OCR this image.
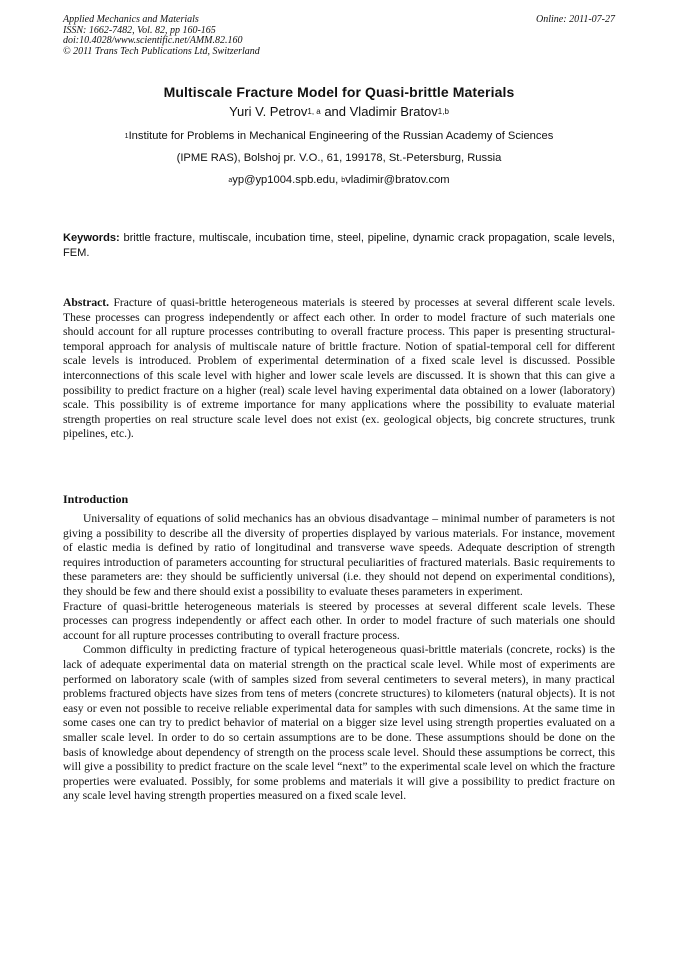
Applied Mechanics and Materials
ISSN: 1662-7482, Vol. 82, pp 160-165
doi:10.4028/www.scientific.net/AMM.82.160
© 2011 Trans Tech Publications Ltd, Switzerland
Online: 2011-07-27
Multiscale Fracture Model for Quasi-brittle Materials
Yuri V. Petrov$^{1, a}$ and Vladimir Bratov$^{1,b}$
$^1$Institute for Problems in Mechanical Engineering of the Russian Academy of Sciences
(IPME RAS), Bolshoj pr. V.O., 61, 199178, St.-Petersburg, Russia
$^a$yp@yp1004.spb.edu, $^b$vladimir@bratov.com
Keywords: brittle fracture, multiscale, incubation time, steel, pipeline, dynamic crack propagation, scale levels, FEM.
Abstract. Fracture of quasi-brittle heterogeneous materials is steered by processes at several different scale levels. These processes can progress independently or affect each other. In order to model fracture of such materials one should account for all rupture processes contributing to overall fracture process. This paper is presenting structural-temporal approach for analysis of multiscale nature of brittle fracture. Notion of spatial-temporal cell for different scale levels is introduced. Problem of experimental determination of a fixed scale level is discussed. Possible interconnections of this scale level with higher and lower scale levels are discussed. It is shown that this can give a possibility to predict fracture on a higher (real) scale level having experimental data obtained on a lower (laboratory) scale. This possibility is of extreme importance for many applications where the possibility to evaluate material strength properties on real structure scale level does not exist (ex. geological objects, big concrete structures, trunk pipelines, etc.).
Introduction

Universality of equations of solid mechanics has an obvious disadvantage – minimal number of parameters is not giving a possibility to describe all the diversity of properties displayed by various materials. For instance, movement of elastic media is defined by ratio of longitudinal and transverse wave speeds. Adequate description of strength requires introduction of parameters accounting for structural peculiarities of fractured materials. Basic requirements to these parameters are: they should be sufficiently universal (i.e. they should not depend on experimental conditions), they should be few and there should exist a possibility to evaluate theses parameters in experiment.

Fracture of quasi-brittle heterogeneous materials is steered by processes at several different scale levels. These processes can progress independently or affect each other. In order to model fracture of such materials one should account for all rupture processes contributing to overall fracture process.

Common difficulty in predicting fracture of typical heterogeneous quasi-brittle materials (concrete, rocks) is the lack of adequate experimental data on material strength on the practical scale level. While most of experiments are performed on laboratory scale (with of samples sized from several centimeters to several meters), in many practical problems fractured objects have sizes from tens of meters (concrete structures) to kilometers (natural objects). It is not easy or even not possible to receive reliable experimental data for samples with such dimensions. At the same time in some cases one can try to predict behavior of material on a bigger size level using strength properties evaluated on a smaller scale level. In order to do so certain assumptions are to be done. These assumptions should be done on the basis of knowledge about dependency of strength on the process scale level. Should these assumptions be correct, this will give a possibility to predict fracture on the scale level “next” to the experimental scale level on which the fracture properties were evaluated. Possibly, for some problems and materials it will give a possibility to predict fracture on any scale level having strength properties measured on a fixed scale level.
